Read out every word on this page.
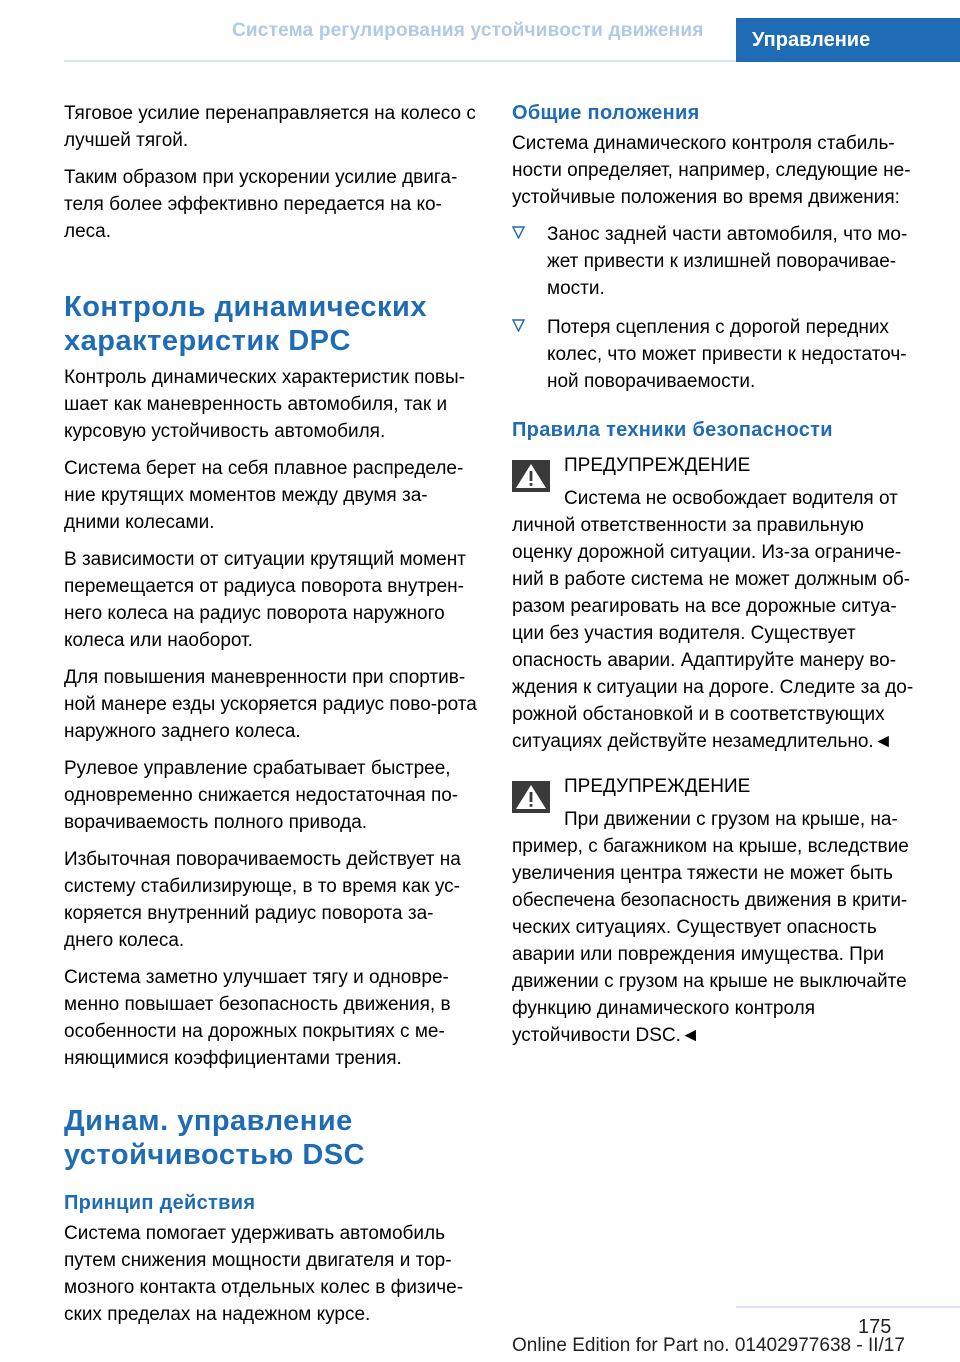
Система регулирования устойчивости движения	Управление

Тяговое усилие перенаправляется на колесо с лучшей тягой.

Таким образом при ускорении усилие двига-теля более эффективно передается на ко-леса.

Контроль динамических характеристик DPC

Контроль динамических характеристик повы-шает как маневренность автомобиля, так и курсовую устойчивость автомобиля.

Система берет на себя плавное распределе-ние крутящих моментов между двумя за-дними колесами.

В зависимости от ситуации крутящий момент перемещается от радиуса поворота внутрен-него колеса на радиус поворота наружного колеса или наоборот.

Для повышения маневренности при спортив-ной манере езды ускоряется радиус пово-рота наружного заднего колеса.

Рулевое управление срабатывает быстрее, одновременно снижается недостаточная по-ворачиваемость полного привода.

Избыточная поворачиваемость действует на систему стабилизирующе, в то время как ус-коряется внутренний радиус поворота за-днего колеса.

Система заметно улучшает тягу и одновре-менно повышает безопасность движения, в особенности на дорожных покрытиях с ме-няющимися коэффициентами трения.

Динам. управление устойчивостью DSC
Принцип действия

Система помогает удерживать автомобиль путем снижения мощности двигателя и тор-мозного контакта отдельных колес в физиче-ских пределах на надежном курсе.

Общие положения

Система динамического контроля стабиль-ности определяет, например, следующие не-устойчивые положения во время движения:

Занос задней части автомобиля, что мо-жет привести к излишней поворачивае-мости.

Потеря сцепления с дорогой передних колес, что может привести к недостаточ-ной поворачиваемости.

Правила техники безопасности

ПРЕДУПРЕЖДЕНИЕ

Система не освобождает водителя от личной ответственности за правильную оценку дорожной ситуации. Из-за ограниче-ний в работе система не может должным об-разом реагировать на все дорожные ситуа-ции без участия водителя. Существует опасность аварии. Адаптируйте манеру во-ждения к ситуации на дороге. Следите за до-рожной обстановкой и в соответствующих ситуациях действуйте незамедлительно.◄

ПРЕДУПРЕЖДЕНИЕ

При движении с грузом на крыше, на-пример, с багажником на крыше, вследствие увеличения центра тяжести не может быть обеспечена безопасность движения в крити-ческих ситуациях. Существует опасность аварии или повреждения имущества. При движении с грузом на крыше не выключайте функцию динамического контроля устойчивости DSC.◄

175
Online Edition for Part no. 01402977638 - II/17
